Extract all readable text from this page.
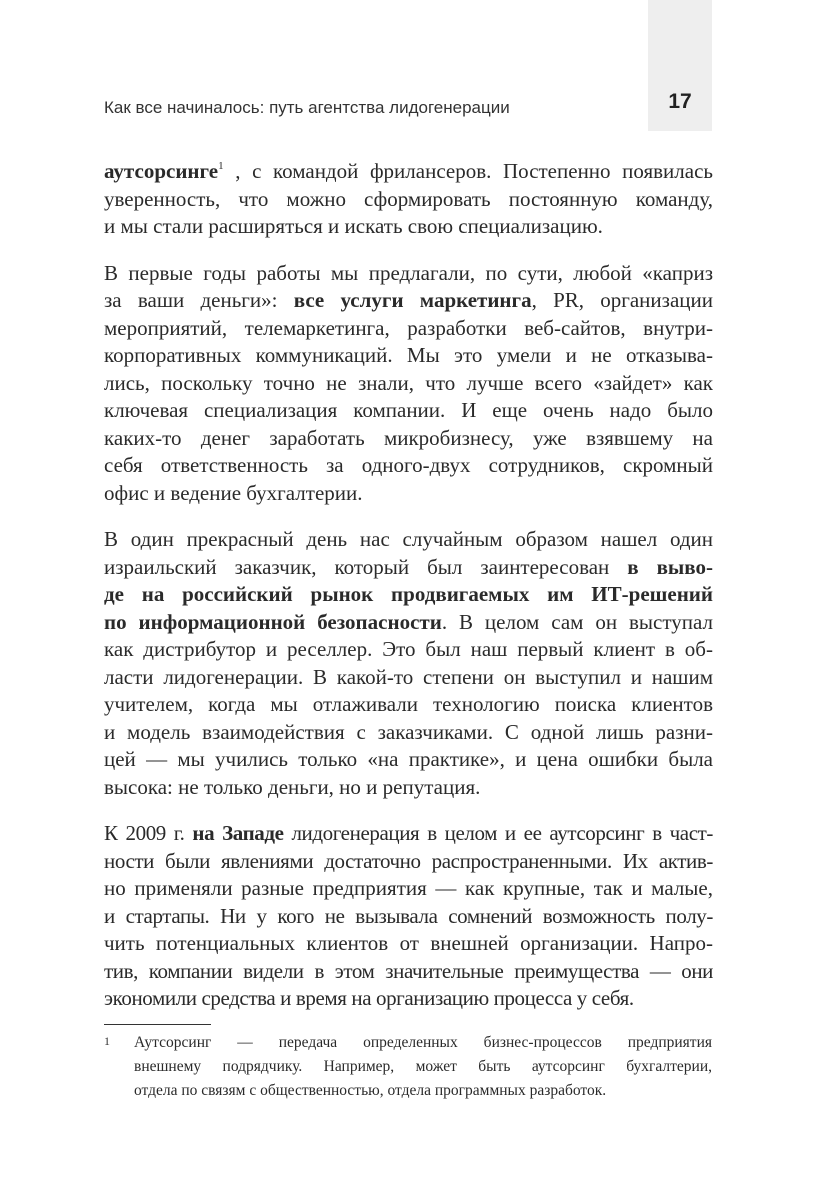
17
Как все начиналось: путь агентства лидогенерации
аутсорсинге$^1$ , с командой фрилансеров. Постепенно появилась
уверенность, что можно сформировать постоянную команду,
и мы стали расширяться и искать свою специализацию.
В первые годы работы мы предлагали, по сути, любой «каприз
за ваши деньги»: все услуги маркетинга, PR, организации
мероприятий, телемаркетинга, разработки веб-сайтов, внутри-
корпоративных коммуникаций. Мы это умели и не отказыва-
лись, поскольку точно не знали, что лучше всего «зайдет» как
ключевая специализация компании. И еще очень надо было
каких-то денег заработать микробизнесу, уже взявшему на
себя ответственность за одного-двух сотрудников, скромный
офис и ведение бухгалтерии.
В один прекрасный день нас случайным образом нашел один
израильский заказчик, который был заинтересован в выво-
де на российский рынок продвигаемых им ИТ-решений
по информационной безопасности. В целом сам он выступал
как дистрибутор и реселлер. Это был наш первый клиент в об-
ласти лидогенерации. В какой-то степени он выступил и нашим
учителем, когда мы отлаживали технологию поиска клиентов
и модель взаимодействия с заказчиками. С одной лишь разни-
цей — мы учились только «на практике», и цена ошибки была
высока: не только деньги, но и репутация.
К 2009 г. на Западе лидогенерация в целом и ее аутсорсинг в част-
ности были явлениями достаточно распространенными. Их актив-
но применяли разные предприятия — как крупные, так и малые,
и стартапы. Ни у кого не вызывала сомнений возможность полу-
чить потенциальных клиентов от внешней организации. Напро-
тив, компании видели в этом значительные преимущества — они
экономили средства и время на организацию процесса у себя.
1 Аутсорсинг — передача определенных бизнес-процессов предприятия
внешнему подрядчику. Например, может быть аутсорсинг бухгалтерии,
отдела по связям с общественностью, отдела программных разработок.
